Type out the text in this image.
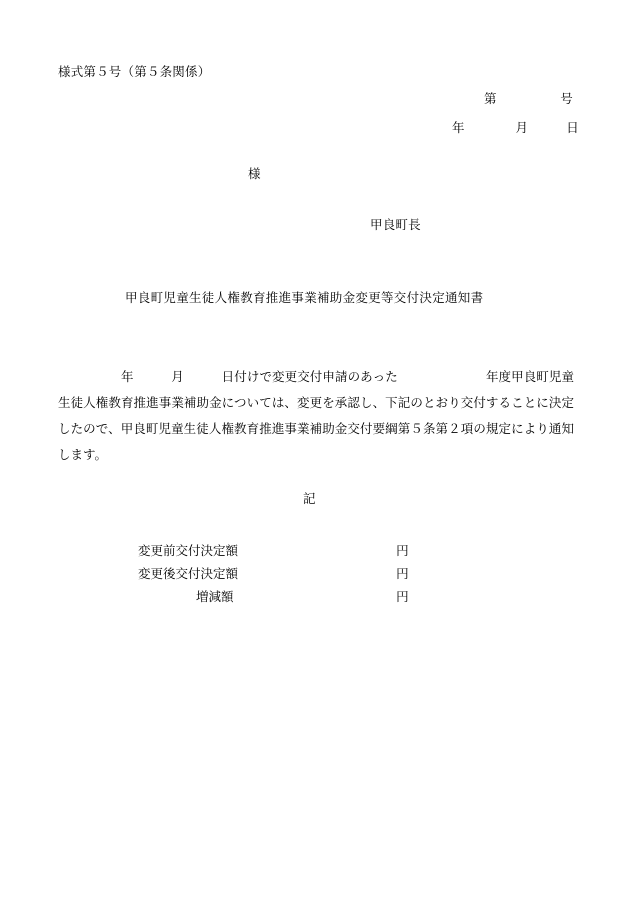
様式第５号（第５条関係）
第　　　　　号
年　　　　月　　　日
様
甲良町長
甲良町児童生徒人権教育推進事業補助金変更等交付決定通知書

　　　　　年　　　月　　　日付けで変更交付申請のあった　　　　　　　年度甲良町児童生徒人権教育推進事業補助金については、変更を承認し、下記のとおり交付することに決定したので、甲良町児童生徒人権教育推進事業補助金交付要綱第５条第２項の規定により通知します。

記
変更前交付決定額	円
変更後交付決定額	円
増減額	円
